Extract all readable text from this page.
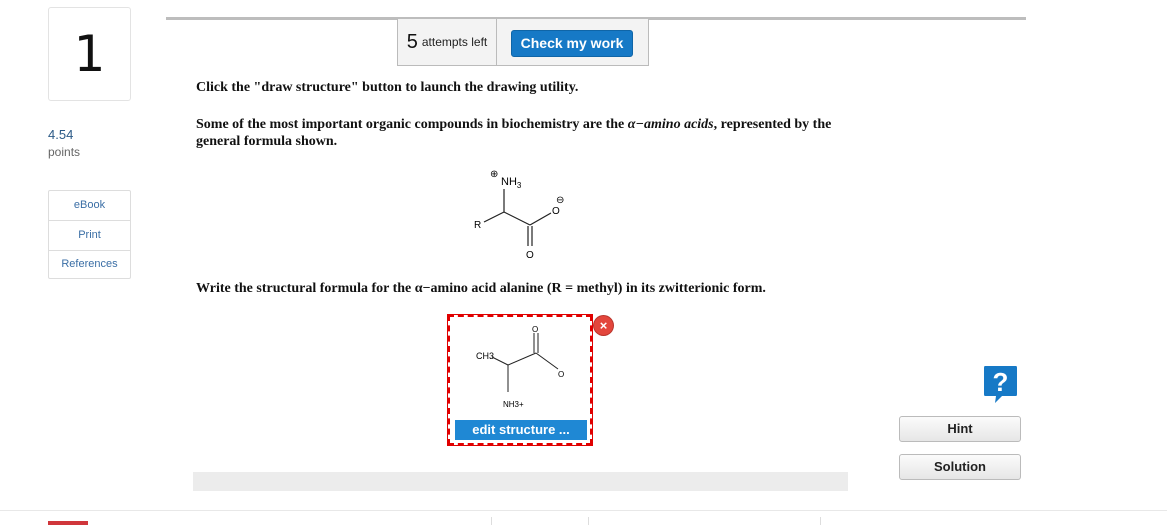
1
4.54
points
eBook
Print
References
5 attempts left	Check my work
Click the "draw structure" button to launch the drawing utility.
Some of the most important organic compounds in biochemistry are the α−amino acids, represented by the general formula shown.
⊕
$NH_3$
R
O
⊖
O
Write the structural formula for the α−amino acid alanine (R = methyl) in its zwitterionic form.
CH3
O
O
NH3+
×
edit structure ...
?
Hint
Solution
